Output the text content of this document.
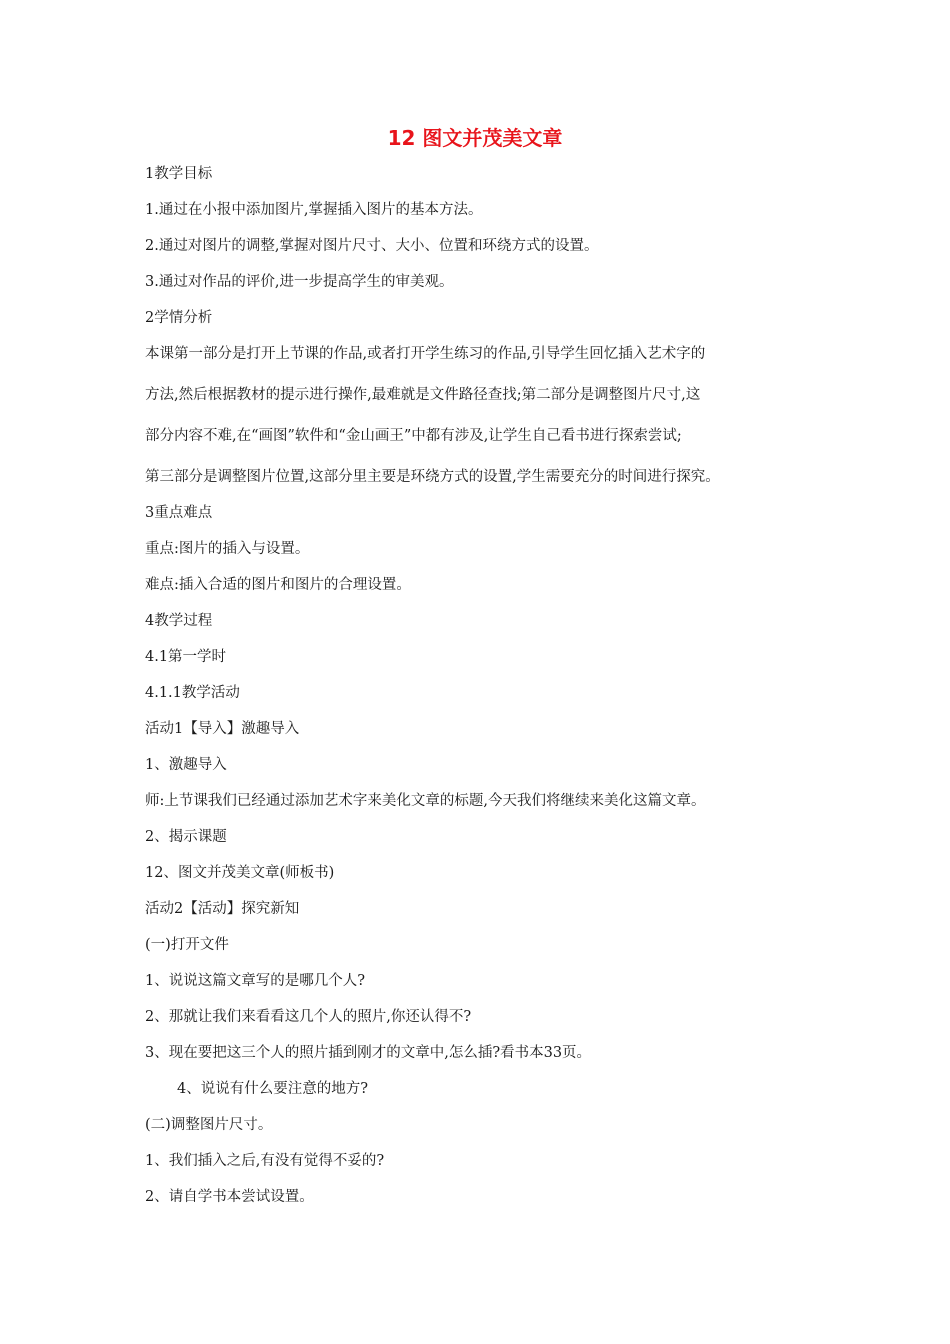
12 图文并茂美文章

1教学目标

1.通过在小报中添加图片,掌握插入图片的基本方法。

2.通过对图片的调整,掌握对图片尺寸、大小、位置和环绕方式的设置。

3.通过对作品的评价,进一步提高学生的审美观。

2学情分析

本课第一部分是打开上节课的作品,或者打开学生练习的作品,引导学生回忆插入艺术字的

方法,然后根据教材的提示进行操作,最难就是文件路径查找;第二部分是调整图片尺寸,这

部分内容不难,在“画图”软件和“金山画王”中都有涉及,让学生自己看书进行探索尝试;

第三部分是调整图片位置,这部分里主要是环绕方式的设置,学生需要充分的时间进行探究。

3重点难点

重点:图片的插入与设置。

难点:插入合适的图片和图片的合理设置。

4教学过程

4.1第一学时

4.1.1教学活动

活动1【导入】激趣导入

1、激趣导入

师:上节课我们已经通过添加艺术字来美化文章的标题,今天我们将继续来美化这篇文章。

2、揭示课题

12、图文并茂美文章(师板书)

活动2【活动】探究新知

(一)打开文件

1、说说这篇文章写的是哪几个人?

2、那就让我们来看看这几个人的照片,你还认得不?

3、现在要把这三个人的照片插到刚才的文章中,怎么插?看书本33页。

4、说说有什么要注意的地方?

(二)调整图片尺寸。

1、我们插入之后,有没有觉得不妥的?

2、请自学书本尝试设置。
